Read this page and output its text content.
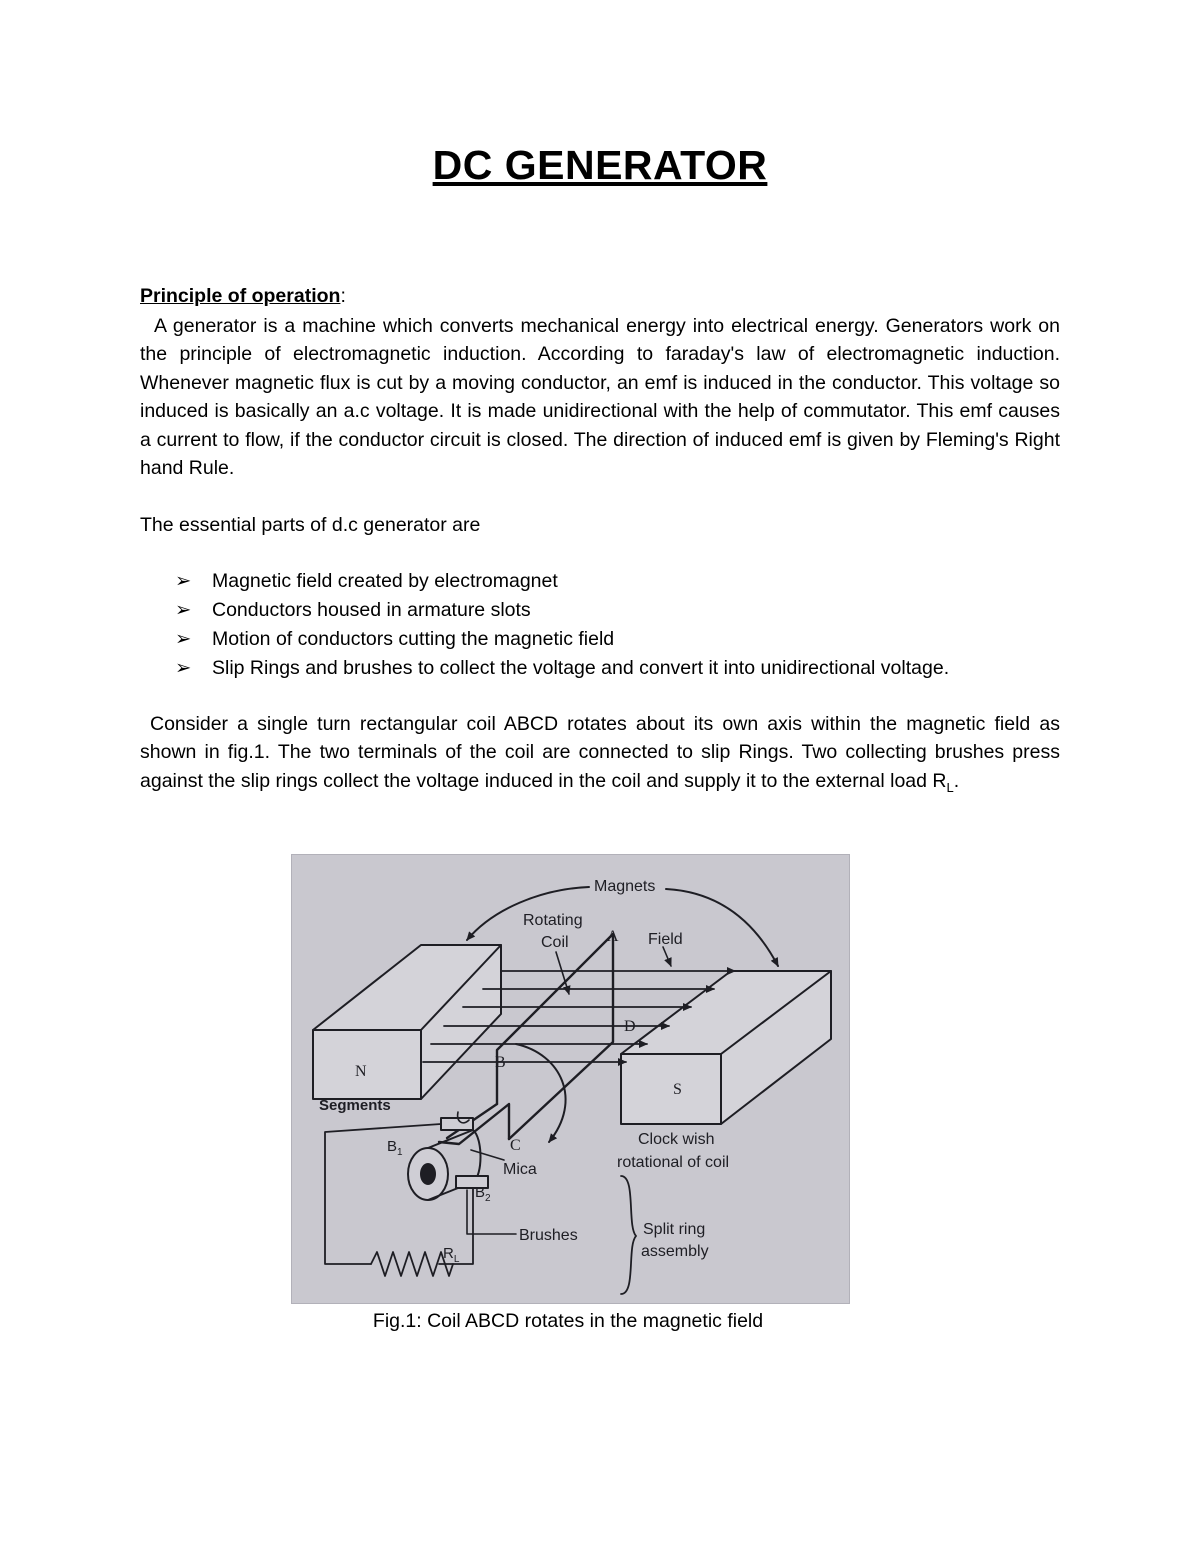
DC GENERATOR

Principle of operation:

A generator is a machine which converts mechanical energy into electrical energy. Generators work on the principle of electromagnetic induction. According to faraday's law of electromagnetic induction. Whenever magnetic flux is cut by a moving conductor, an emf is induced in the conductor. This voltage so induced is basically an a.c voltage. It is made unidirectional with the help of commutator. This emf causes a current to flow, if the conductor circuit is closed. The direction of induced emf is given by Fleming's Right hand Rule.

The essential parts of d.c generator are

➢ Magnetic field created by electromagnet
➢ Conductors housed in armature slots
➢ Motion of conductors cutting the magnetic field
➢ Slip Rings and brushes to collect the voltage and convert it into unidirectional voltage.

Consider a single turn rectangular coil ABCD rotates about its own axis within the magnetic field as shown in fig.1. The two terminals of the coil are connected to slip Rings. Two collecting brushes press against the slip rings collect the voltage induced in the coil and supply it to the external load $R_L$.

Magnets
Rotating
Coil A Field
D
N
B
S
Segments
C
$B_1$
Mica
Clock wish
rotational of coil
$B_2$
Brushes	Split ring
assembly
$R_L$

Fig.1: Coil ABCD rotates in the magnetic field
